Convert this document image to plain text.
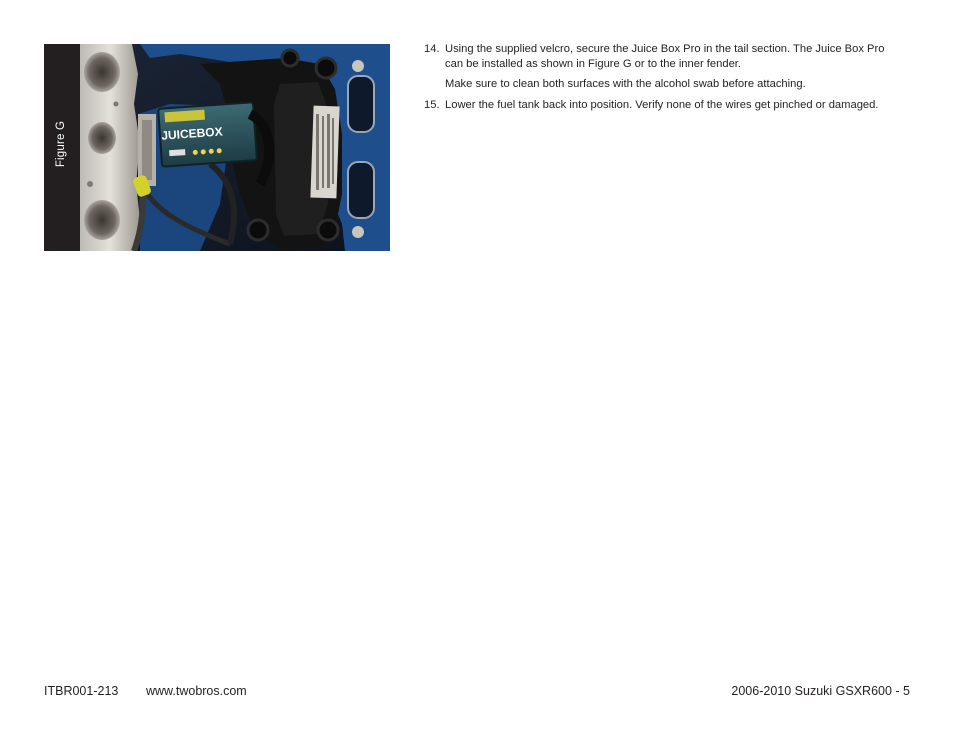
Figure G	JUICEBOX
14. Using the supplied velcro, secure the Juice Box Pro in the tail section. The Juice Box Pro can be installed as shown in Figure G or to the inner fender.

Make sure to clean both surfaces with the alcohol swab before attaching.

15. Lower the fuel tank back into position. Verify none of the wires get pinched or damaged.

ITBR001-213 www.twobros.com	2006-2010 Suzuki GSXR600 - 5
